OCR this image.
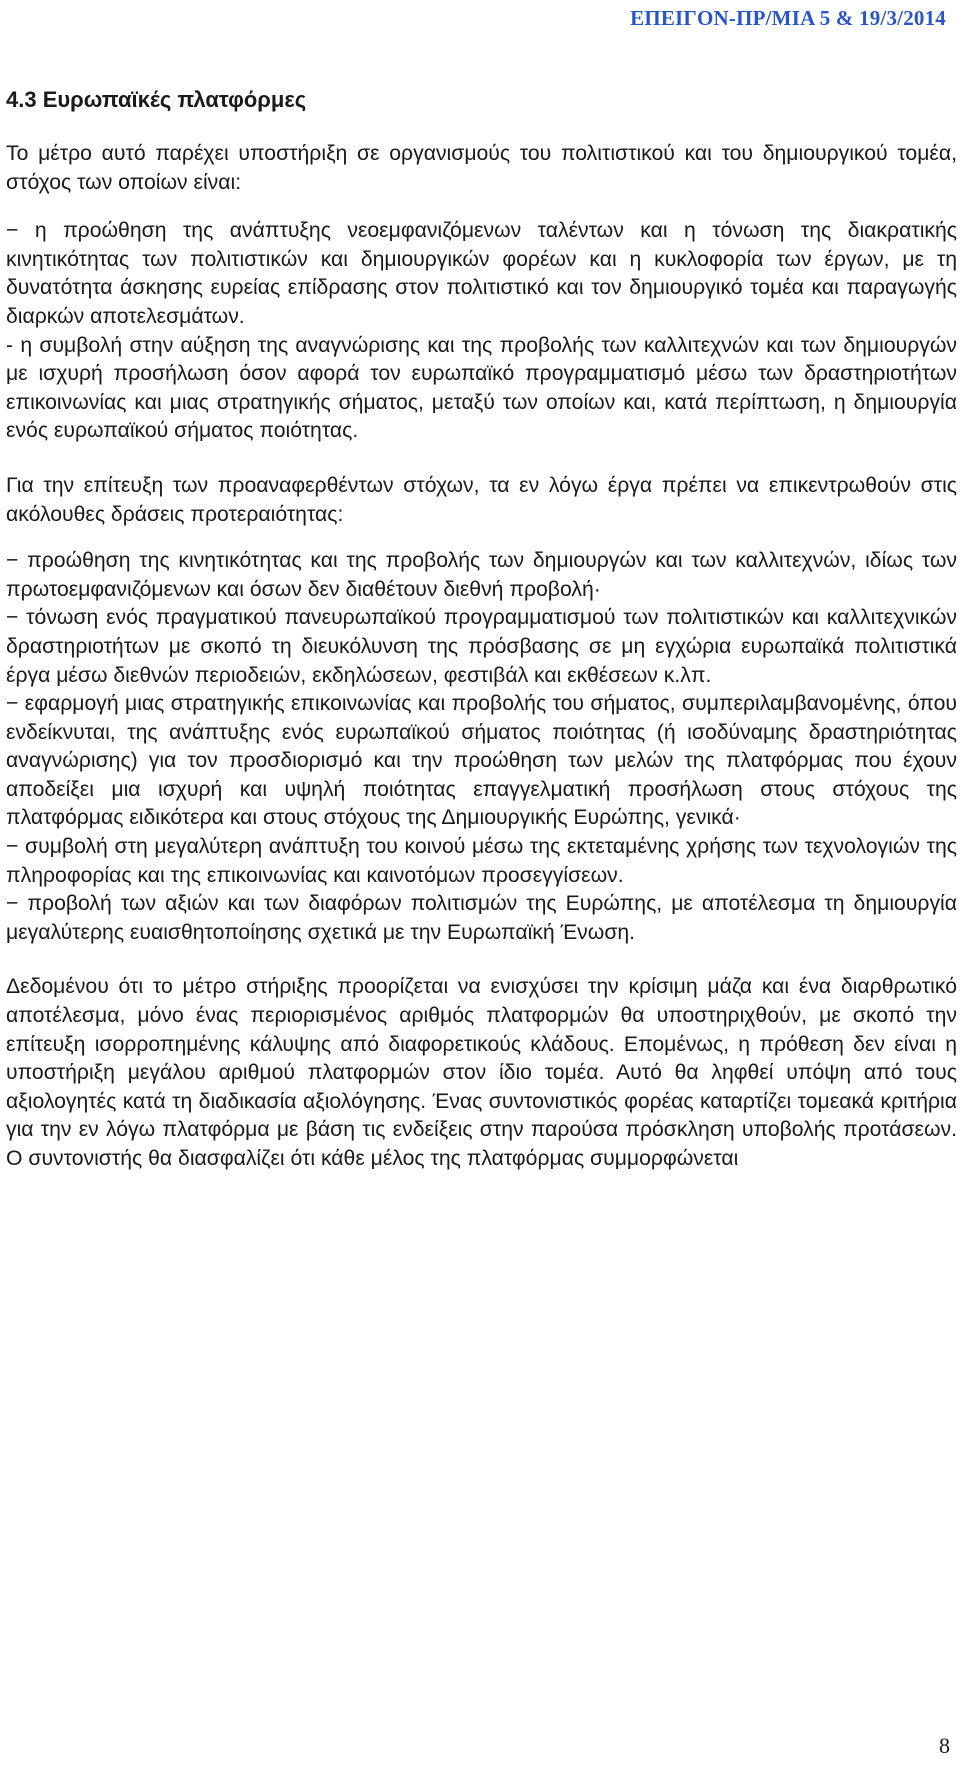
ΕΠΕΙΓΟΝ-ΠΡ/ΜΙΑ 5 & 19/3/2014
4.3 Ευρωπαϊκές πλατφόρμες

Το μέτρο αυτό παρέχει υποστήριξη σε οργανισμούς του πολιτιστικού και του δημιουργικού τομέα, στόχος των οποίων είναι:

− η προώθηση της ανάπτυξης νεοεμφανιζόμενων ταλέντων και η τόνωση της διακρατικής κινητικότητας των πολιτιστικών και δημιουργικών φορέων και η κυκλοφορία των έργων, με τη δυνατότητα άσκησης ευρείας επίδρασης στον πολιτιστικό και τον δημιουργικό τομέα και παραγωγής διαρκών αποτελεσμάτων.

- η συμβολή στην αύξηση της αναγνώρισης και της προβολής των καλλιτεχνών και των δημιουργών με ισχυρή προσήλωση όσον αφορά τον ευρωπαϊκό προγραμματισμό μέσω των δραστηριοτήτων επικοινωνίας και μιας στρατηγικής σήματος, μεταξύ των οποίων και, κατά περίπτωση, η δημιουργία ενός ευρωπαϊκού σήματος ποιότητας.

Για την επίτευξη των προαναφερθέντων στόχων, τα εν λόγω έργα πρέπει να επικεντρωθούν στις ακόλουθες δράσεις προτεραιότητας:

− προώθηση της κινητικότητας και της προβολής των δημιουργών και των καλλιτεχνών, ιδίως των πρωτοεμφανιζόμενων και όσων δεν διαθέτουν διεθνή προβολή·

− τόνωση ενός πραγματικού πανευρωπαϊκού προγραμματισμού των πολιτιστικών και καλλιτεχνικών δραστηριοτήτων με σκοπό τη διευκόλυνση της πρόσβασης σε μη εγχώρια ευρωπαϊκά πολιτιστικά έργα μέσω διεθνών περιοδειών, εκδηλώσεων, φεστιβάλ και εκθέσεων κ.λπ.

− εφαρμογή μιας στρατηγικής επικοινωνίας και προβολής του σήματος, συμπεριλαμβανομένης, όπου ενδείκνυται, της ανάπτυξης ενός ευρωπαϊκού σήματος ποιότητας (ή ισοδύναμης δραστηριότητας αναγνώρισης) για τον προσδιορισμό και την προώθηση των μελών της πλατφόρμας που έχουν αποδείξει μια ισχυρή και υψηλή ποιότητας επαγγελματική προσήλωση στους στόχους της πλατφόρμας ειδικότερα και στους στόχους της Δημιουργικής Ευρώπης, γενικά·

− συμβολή στη μεγαλύτερη ανάπτυξη του κοινού μέσω της εκτεταμένης χρήσης των τεχνολογιών της πληροφορίας και της επικοινωνίας και καινοτόμων προσεγγίσεων.

− προβολή των αξιών και των διαφόρων πολιτισμών της Ευρώπης, με αποτέλεσμα τη δημιουργία μεγαλύτερης ευαισθητοποίησης σχετικά με την Ευρωπαϊκή Ένωση.

Δεδομένου ότι το μέτρο στήριξης προορίζεται να ενισχύσει την κρίσιμη μάζα και ένα διαρθρωτικό αποτέλεσμα, μόνο ένας περιορισμένος αριθμός πλατφορμών θα υποστηριχθούν, με σκοπό την επίτευξη ισορροπημένης κάλυψης από διαφορετικούς κλάδους. Επομένως, η πρόθεση δεν είναι η υποστήριξη μεγάλου αριθμού πλατφορμών στον ίδιο τομέα. Αυτό θα ληφθεί υπόψη από τους αξιολογητές κατά τη διαδικασία αξιολόγησης. Ένας συντονιστικός φορέας καταρτίζει τομεακά κριτήρια για την εν λόγω πλατφόρμα με βάση τις ενδείξεις στην παρούσα πρόσκληση υποβολής προτάσεων. Ο συντονιστής θα διασφαλίζει ότι κάθε μέλος της πλατφόρμας συμμορφώνεται

8
